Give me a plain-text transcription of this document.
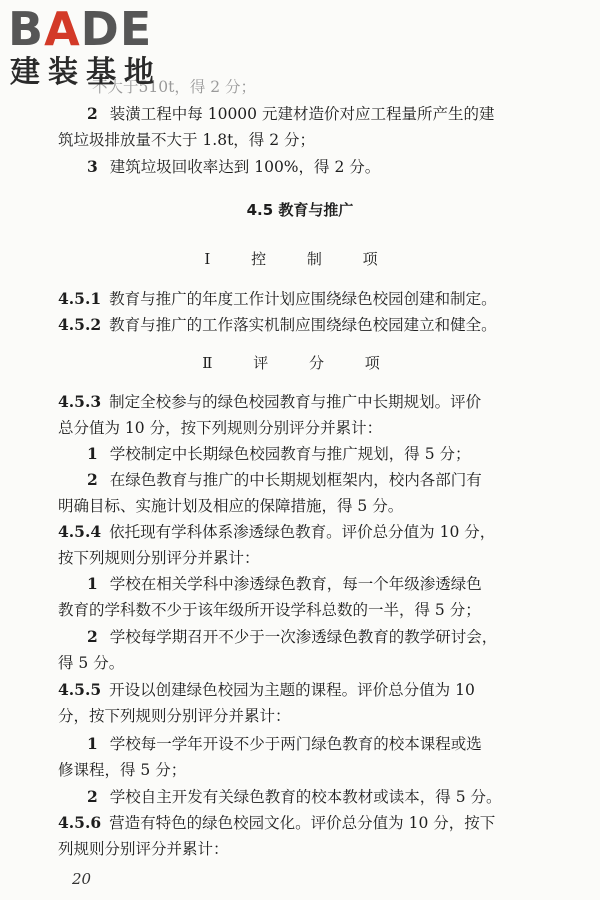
BADE
建装基地
不大于510t，得 2 分；
2 装潢工程中每 10000 元建材造价对应工程量所产生的建
筑垃圾排放量不大于 1.8t，得 2 分；
3 建筑垃圾回收率达到 100%，得 2 分。
4.5 教育与推广
Ⅰ 控 制 项
4.5.1 教育与推广的年度工作计划应围绕绿色校园创建和制定。
4.5.2 教育与推广的工作落实机制应围绕绿色校园建立和健全。
Ⅱ 评 分 项
4.5.3 制定全校参与的绿色校园教育与推广中长期规划。评价
总分值为 10 分，按下列规则分别评分并累计：
1 学校制定中长期绿色校园教育与推广规划，得 5 分；
2 在绿色教育与推广的中长期规划框架内，校内各部门有
明确目标、实施计划及相应的保障措施，得 5 分。
4.5.4 依托现有学科体系渗透绿色教育。评价总分值为 10 分，
按下列规则分别评分并累计：
1 学校在相关学科中渗透绿色教育，每一个年级渗透绿色
教育的学科数不少于该年级所开设学科总数的一半，得 5 分；
2 学校每学期召开不少于一次渗透绿色教育的教学研讨会，
得 5 分。
4.5.5 开设以创建绿色校园为主题的课程。评价总分值为 10
分，按下列规则分别评分并累计：
1 学校每一学年开设不少于两门绿色教育的校本课程或选
修课程，得 5 分；
2 学校自主开发有关绿色教育的校本教材或读本，得 5 分。
4.5.6 营造有特色的绿色校园文化。评价总分值为 10 分，按下
列规则分别评分并累计：
20
